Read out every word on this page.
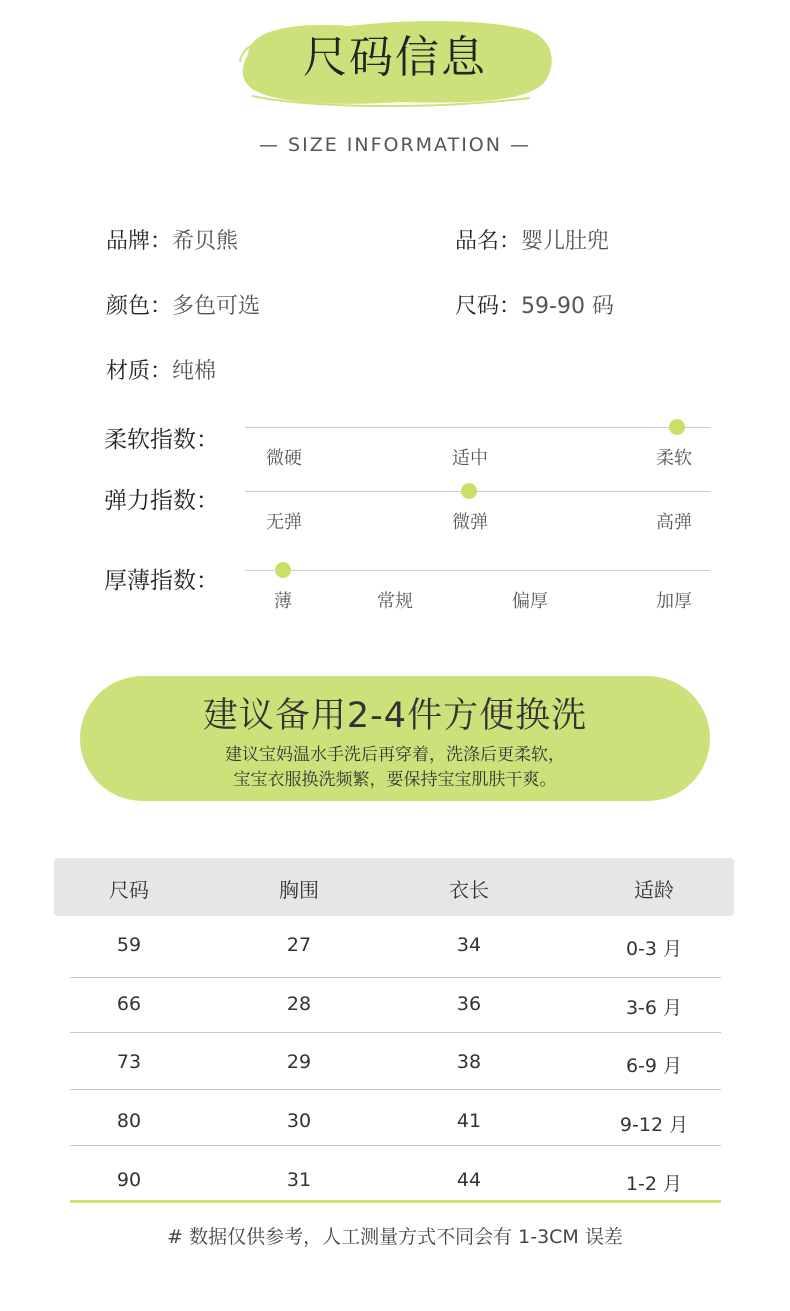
尺码信息
— SIZE INFORMATION —
品牌：希贝熊	品名：婴儿肚兜
颜色：多色可选	尺码：59-90 码
材质：纯棉
柔软指数：
微硬	适中	柔软
弹力指数：
无弹	微弹	高弹
厚薄指数：
薄	常规	偏厚	加厚
建议备用2-4件方便换洗
建议宝妈温水手洗后再穿着，洗涤后更柔软，
宝宝衣服换洗频繁，要保持宝宝肌肤干爽。
尺码	胸围	衣长	适龄
59	27	34	0-3 月
66	28	36	3-6 月
73	29	38	6-9 月
80	30	41	9-12 月
90	31	44	1-2 月
# 数据仅供参考，人工测量方式不同会有 1-3CM 误差
